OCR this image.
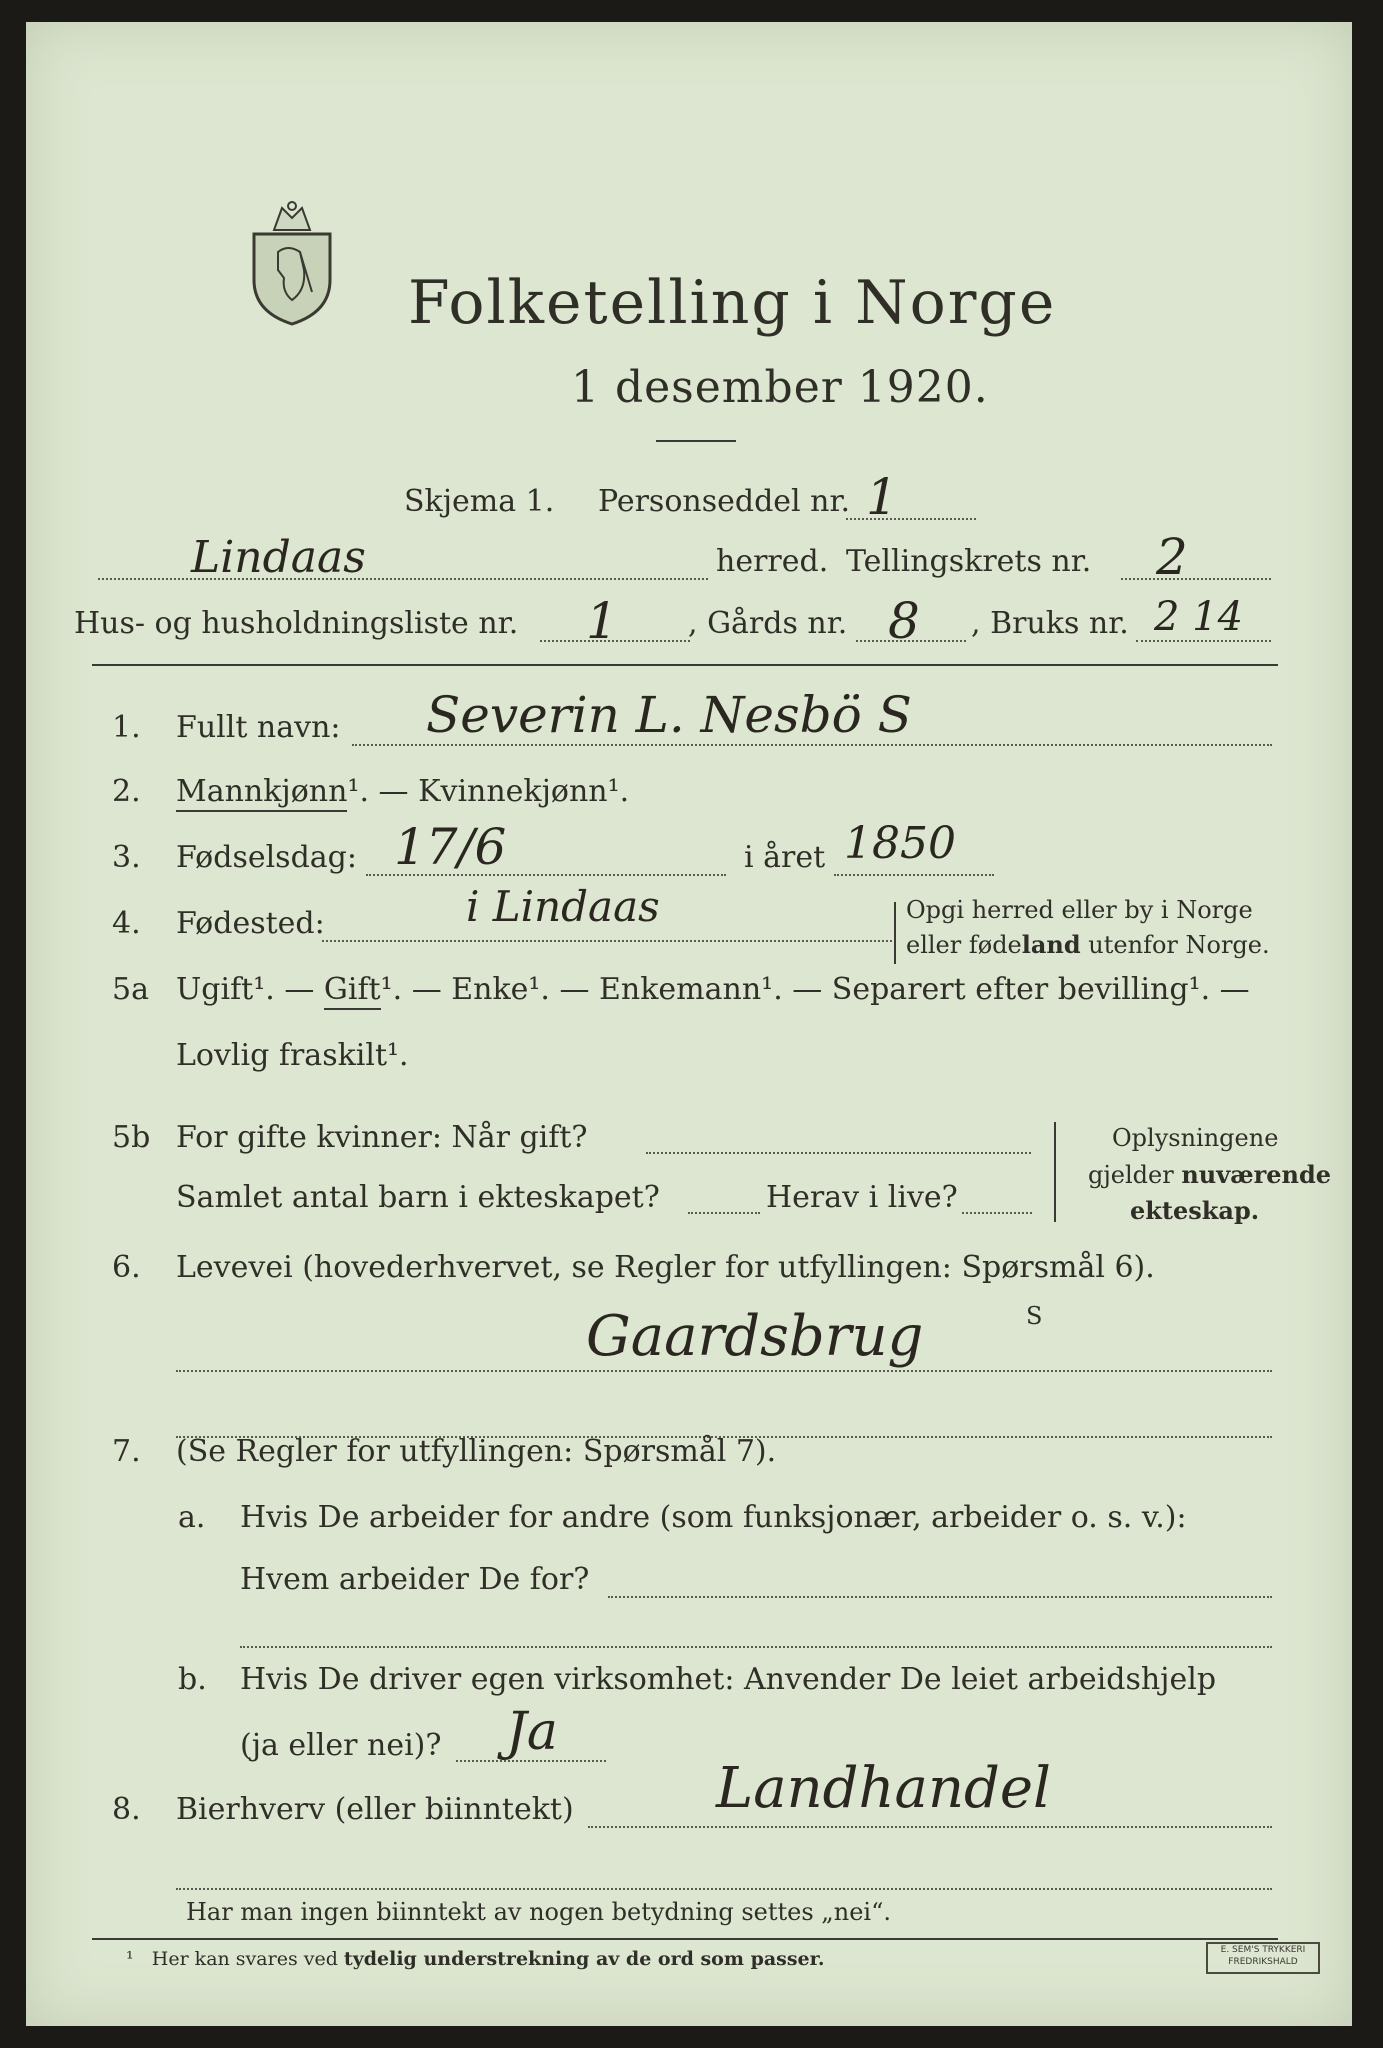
Folketelling i Norge
1 desember 1920.
Skjema 1. Personseddel nr. 1
Lindaas	herred. Tellingskrets nr. 2
Hus- og husholdningsliste nr. 1 , Gårds nr. 8 , Bruks nr. 2 14
1. Fullt navn: Severin L. Nesbö S
2. Mannkjønn¹. — Kvinnekjønn¹.
3. Fødselsdag: 17/6	i året 1850
4. Fødested:	i Lindaas	Opgi herred eller by i Norge
eller fødeland utenfor Norge.
5a Ugift¹. — Gift¹. — Enke¹. — Enkemann¹. — Separert efter bevilling¹. —
Lovlig fraskilt¹.
5b For gifte kvinner: Når gift?
Samlet antal barn i ekteskapet?	Herav i live?
Oplysningene
gjelder nuværende
ekteskap.
6. Levevei (hovederhvervet, se Regler for utfyllingen: Spørsmål 6).
Gaardsbrug	S
7. (Se Regler for utfyllingen: Spørsmål 7).
a. Hvis De arbeider for andre (som funksjonær, arbeider o. s. v.):
Hvem arbeider De for?
b. Hvis De driver egen virksomhet: Anvender De leiet arbeidshjelp
(ja eller nei)? Ja
8. Bierhverv (eller biinntekt)	Landhandel
Har man ingen biinntekt av nogen betydning settes „nei“.
¹ Her kan svares ved tydelig understrekning av de ord som passer.	E. SEM'S TRYKKERI FREDRIKSHALD
